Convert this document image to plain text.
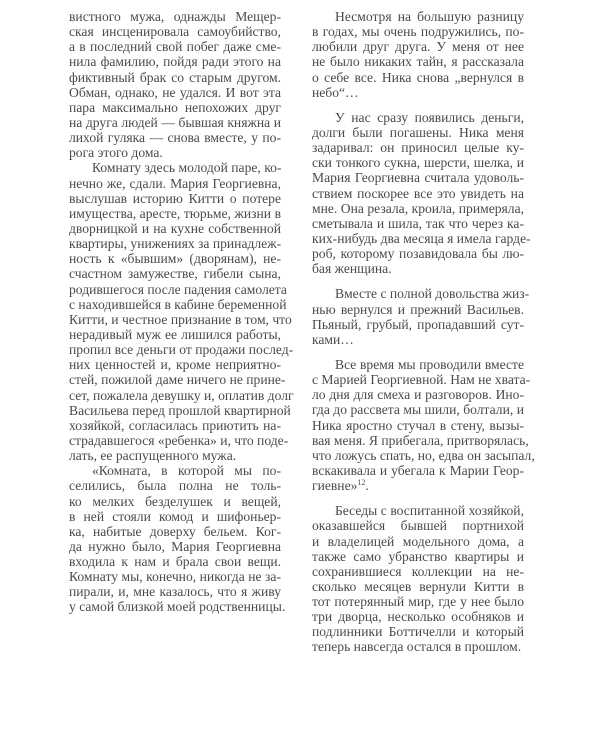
вистного мужа, однажды Мещер-
ская инсценировала самоубийство,
а в последний свой побег даже сме-
нила фамилию, пойдя ради этого на
фиктивный брак со старым другом.
Обман, однако, не удался. И вот эта
пара максимально непохожих друг
на друга людей — бывшая княжна и
лихой гуляка — снова вместе, у по-
рога этого дома.
Комнату здесь молодой паре, ко-
нечно же, сдали. Мария Георгиевна,
выслушав историю Китти о потере
имущества, аресте, тюрьме, жизни в
дворницкой и на кухне собственной
квартиры, унижениях за принадлеж-
ность к «бывшим» (дворянам), не-
счастном замужестве, гибели сына,
родившегося после падения самолета
с находившейся в кабине беременной
Китти, и честное признание в том, что
нерадивый муж ее лишился работы,
пропил все деньги от продажи послед-
них ценностей и, кроме неприятно-
стей, пожилой даме ничего не прине-
сет, пожалела девушку и, оплатив долг
Васильева перед прошлой квартирной
хозяйкой, согласилась приютить на-
страдавшегося «ребенка» и, что поде-
лать, ее распущенного мужа.
«Комната, в которой мы по-
селились, была полна не толь-
ко мелких безделушек и вещей,
в ней стояли комод и шифоньер-
ка, набитые доверху бельем. Ког-
да нужно было, Мария Георгиевна
входила к нам и брала свои вещи.
Комнату мы, конечно, никогда не за-
пирали, и, мне казалось, что я живу
у самой близкой моей родственницы.
Несмотря на большую разницу
в годах, мы очень подружились, по-
любили друг друга. У меня от нее
не было никаких тайн, я рассказала
о себе все. Ника снова „вернулся в
небо“…
У нас сразу появились деньги,
долги были погашены. Ника меня
задаривал: он приносил целые ку-
ски тонкого сукна, шерсти, шелка, и
Мария Георгиевна считала удоволь-
ствием поскорее все это увидеть на
мне. Она резала, кроила, примеряла,
сметывала и шила, так что через ка-
ких-нибудь два месяца я имела гарде-
роб, которому позавидовала бы лю-
бая женщина.
Вместе с полной довольства жиз-
нью вернулся и прежний Васильев.
Пьяный, грубый, пропадавший сут-
ками…
Все время мы проводили вместе
с Марией Георгиевной. Нам не хвата-
ло дня для смеха и разговоров. Ино-
гда до рассвета мы шили, болтали, и
Ника яростно стучал в стену, вызы-
вая меня. Я прибегала, притворялась,
что ложусь спать, но, едва он засыпал,
вскакивала и убегала к Марии Геор-
гиевне»$^{12}$.
Беседы с воспитанной хозяйкой,
оказавшейся бывшей портнихой
и владелицей модельного дома, а
также само убранство квартиры и
сохранившиеся коллекции на не-
сколько месяцев вернули Китти в
тот потерянный мир, где у нее было
три дворца, несколько особняков и
подлинники Боттичелли и который
теперь навсегда остался в прошлом.
